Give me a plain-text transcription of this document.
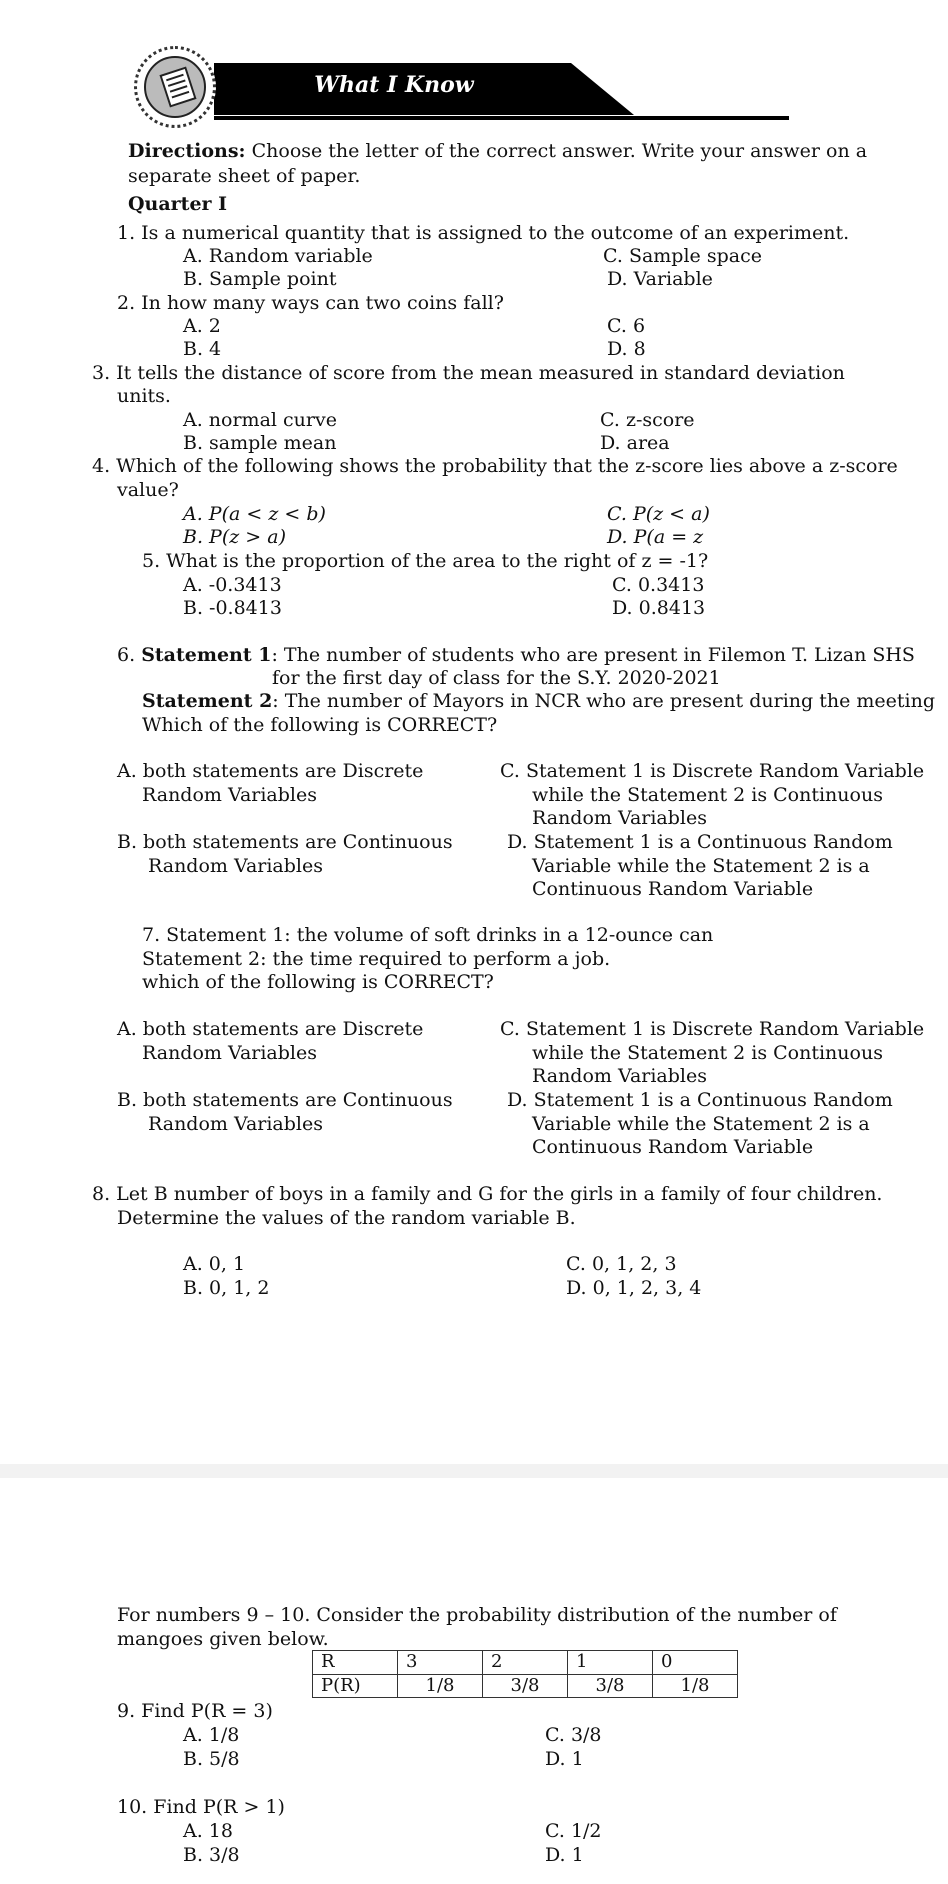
What I Know
Directions: Choose the letter of the correct answer. Write your answer on a
separate sheet of paper.
Quarter I
1. Is a numerical quantity that is assigned to the outcome of an experiment.
A. Random variable	C. Sample space
B. Sample point	D. Variable
2. In how many ways can two coins fall?
A. 2	C. 6
B. 4	D. 8
3. It tells the distance of score from the mean measured in standard deviation
units.
A. normal curve	C. z-score
B. sample mean	D. area
4. Which of the following shows the probability that the z-score lies above a z-score
value?
A. P(a < z < b)	C. P(z < a)
B. P(z > a)	D. P(a = z
5. What is the proportion of the area to the right of z = -1?
A. -0.3413	C. 0.3413
B. -0.8413	D. 0.8413
6. Statement 1: The number of students who are present in Filemon T. Lizan SHS
for the first day of class for the S.Y. 2020-2021
Statement 2: The number of Mayors in NCR who are present during the meeting
Which of the following is CORRECT?
A. both statements are Discrete
Random Variables
C. Statement 1 is Discrete Random Variable
while the Statement 2 is Continuous
Random Variables
B. both statements are Continuous
Random Variables
D. Statement 1 is a Continuous Random
Variable while the Statement 2 is a
Continuous Random Variable
7. Statement 1: the volume of soft drinks in a 12-ounce can
Statement 2: the time required to perform a job.
which of the following is CORRECT?
A. both statements are Discrete
Random Variables
C. Statement 1 is Discrete Random Variable
while the Statement 2 is Continuous
Random Variables
B. both statements are Continuous
Random Variables
D. Statement 1 is a Continuous Random
Variable while the Statement 2 is a
Continuous Random Variable
8. Let B number of boys in a family and G for the girls in a family of four children.
Determine the values of the random variable B.
A. 0, 1	C. 0, 1, 2, 3
B. 0, 1, 2	D. 0, 1, 2, 3, 4
For numbers 9 – 10. Consider the probability distribution of the number of
mangoes given below.
R	3	2	1	0
P(R)	1/8	3/8	3/8	1/8
9. Find P(R = 3)
A. 1/8	C. 3/8
B. 5/8	D. 1
10. Find P(R > 1)
A. 18	C. 1/2
B. 3/8	D. 1
